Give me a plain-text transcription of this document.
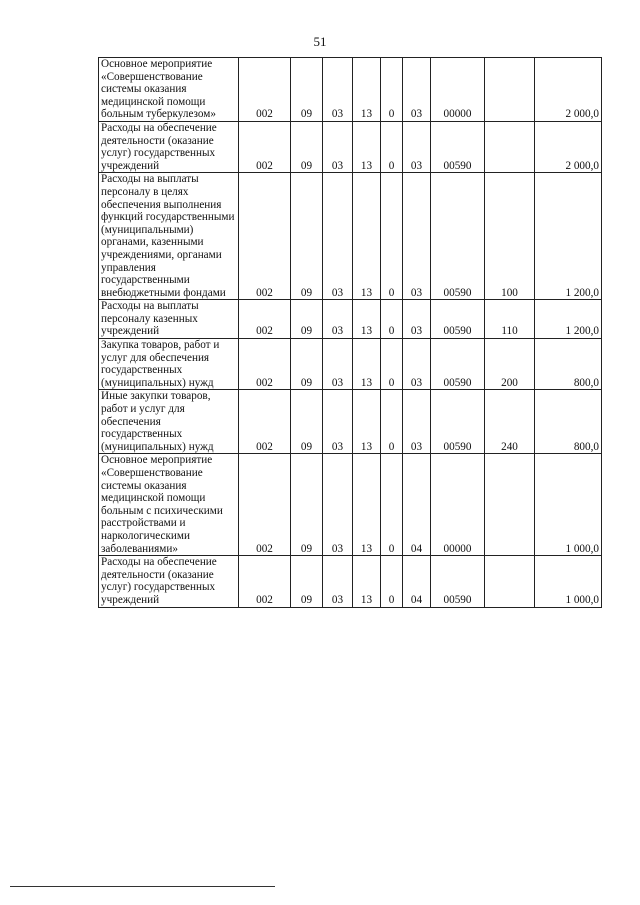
51
Основное мероприятие «Совершенствование системы оказания медицинской помощи больным туберкулезом»	002	09	03	13	0	03	00000		2 000,0
Расходы на обеспечение деятельности (оказание услуг) государственных учреждений	002	09	03	13	0	03	00590		2 000,0
Расходы на выплаты персоналу в целях обеспечения выполнения функций государственными (муниципальными) органами, казенными учреждениями, органами управления государственными внебюджетными фондами	002	09	03	13	0	03	00590	100	1 200,0
Расходы на выплаты персоналу казенных учреждений	002	09	03	13	0	03	00590	110	1 200,0
Закупка товаров, работ и услуг для обеспечения государственных (муниципальных) нужд	002	09	03	13	0	03	00590	200	800,0
Иные закупки товаров, работ и услуг для обеспечения государственных (муниципальных) нужд	002	09	03	13	0	03	00590	240	800,0
Основное мероприятие «Совершенствование системы оказания медицинской помощи больным с психическими расстройствами и наркологическими заболеваниями»	002	09	03	13	0	04	00000		1 000,0
Расходы на обеспечение деятельности (оказание услуг) государственных учреждений	002	09	03	13	0	04	00590		1 000,0
